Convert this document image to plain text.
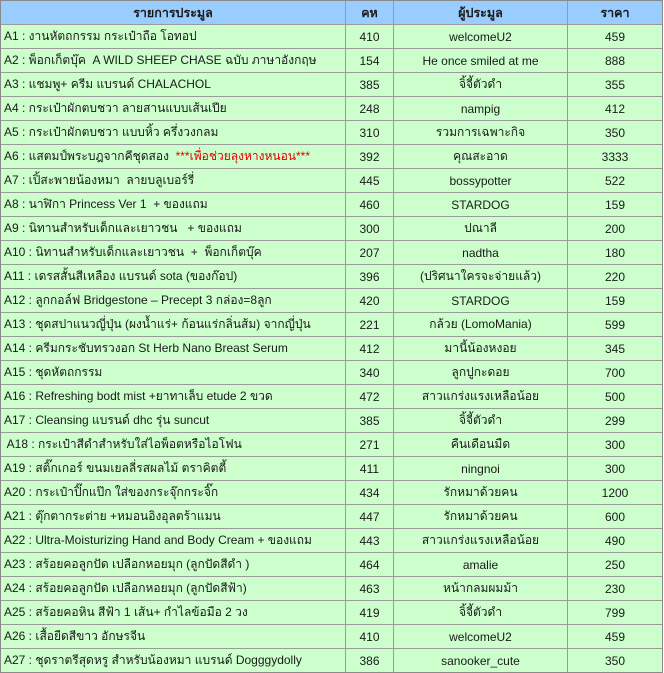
รายการประมูล	คห	ผู้ประมูล	ราคา
A1 : งานหัตถกรรม กระเป๋าถือ โอทอป	410	welcomeU2	459
A2 : พ็อกเก็ตบุ๊ค  A WILD SHEEP CHASE ฉบับ ภาษาอังกฤษ	154	He once smiled at me	888
A3 : แชมพู+ ครีม แบรนด์ CHALACHOL	385	จิ้จี้ตัวดำ	355
A4 : กระเป๋าผักตบชวา ลายสานแบบเส้นเปีย	248	nampig	412
A5 : กระเป๋าผักตบชวา แบบหิ้ว ครึ่งวงกลม	310	รวมการเฉพาะกิจ	350
A6 : แสตมป์พระบฎจากคีชุดสอง  ***เพื่อช่วยลุงหางหนอน***	392	คุณสะอาด	3333
A7 : เปิ้สะพายน้องหมา  ลายบลูเบอร์รี่	445	bossypotter	522
A8 : นาฬิกา Princess Ver 1  + ของแถม	460	STARDOG	159
A9 : นิทานสำหรับเด็กและเยาวชน   + ของแถม	300	ปณาลี	200
A10 : นิทานสำหรับเด็กและเยาวชน  +  พ็อกเก็ตบุ๊ค	207	nadtha	180
A11 : เดรสสั้นสีเหลือง แบรนด์ sota (ของก๊อป)	396	(ปริศนาใครจะจ่ายแล้ว)	220
A12 : ลูกกอล์ฟ Bridgestone – Precept 3 กล่อง=8ลูก	420	STARDOG	159
A13 : ชุดสปาแนวญี่ปุ่น (ผงน้ำแร่+ ก้อนแร่กลิ่นส้ม) จากญี่ปุ่น	221	กล้วย (LomoMania)	599
A14 : ครีมกระชับทรวงอก St Herb Nano Breast Serum	412	มานี้น้องหงอย	345
A15 : ชุดหัตถกรรม	340	ลูกปูกะดอย	700
A16 : Refreshing bodt mist +ยาทาเล็บ etude 2 ขวด	472	สาวแกร่งแรงเหลือน้อย	500
A17 : Cleansing แบรนด์ dhc รุ่น suncut	385	จิ้จี้ตัวดำ	299
A18 : กระเป๋าสีดำสำหรับใส่ไอพ็อตหรือไอโฟน	271	คืนเดือนมืด	300
A19 : สติ๊กเกอร์ ขนมเยลลี่รสผลไม้ ตราคิตตี้	411	ningnoi	300
A20 : กระเป๋าปิ๊กแป๊ก ใส่ของกระจุ๊กกระจิ๊ก	434	รักหมาด้วยคน	1200
A21 : ตุ๊กตากระต่าย +หมอนอิงอุลตร้าแมน	447	รักหมาด้วยคน	600
A22 : Ultra-Moisturizing Hand and Body Cream + ของแถม	443	สาวแกร่งแรงเหลือน้อย	490
A23 : สร้อยคอลูกปัด เปลือกหอยมุก (ลูกปัดสีดำ )	464	amalie	250
A24 : สร้อยคอลูกปัด เปลือกหอยมุก (ลูกปัดสีฟ้า)	463	หน้ากลมผมม้า	230
A25 : สร้อยคอหิน สีฟ้า 1 เส้น+ กำไลข้อมือ 2 วง	419	จิ้จี้ตัวดำ	799
A26 : เสื้อยืดสีขาว อักษรจีน	410	welcomeU2	459
A27 : ชุดราตรีสุดหรู สำหรับน้องหมา แบรนด์ Dogggydolly	386	sanooker_cute	350
